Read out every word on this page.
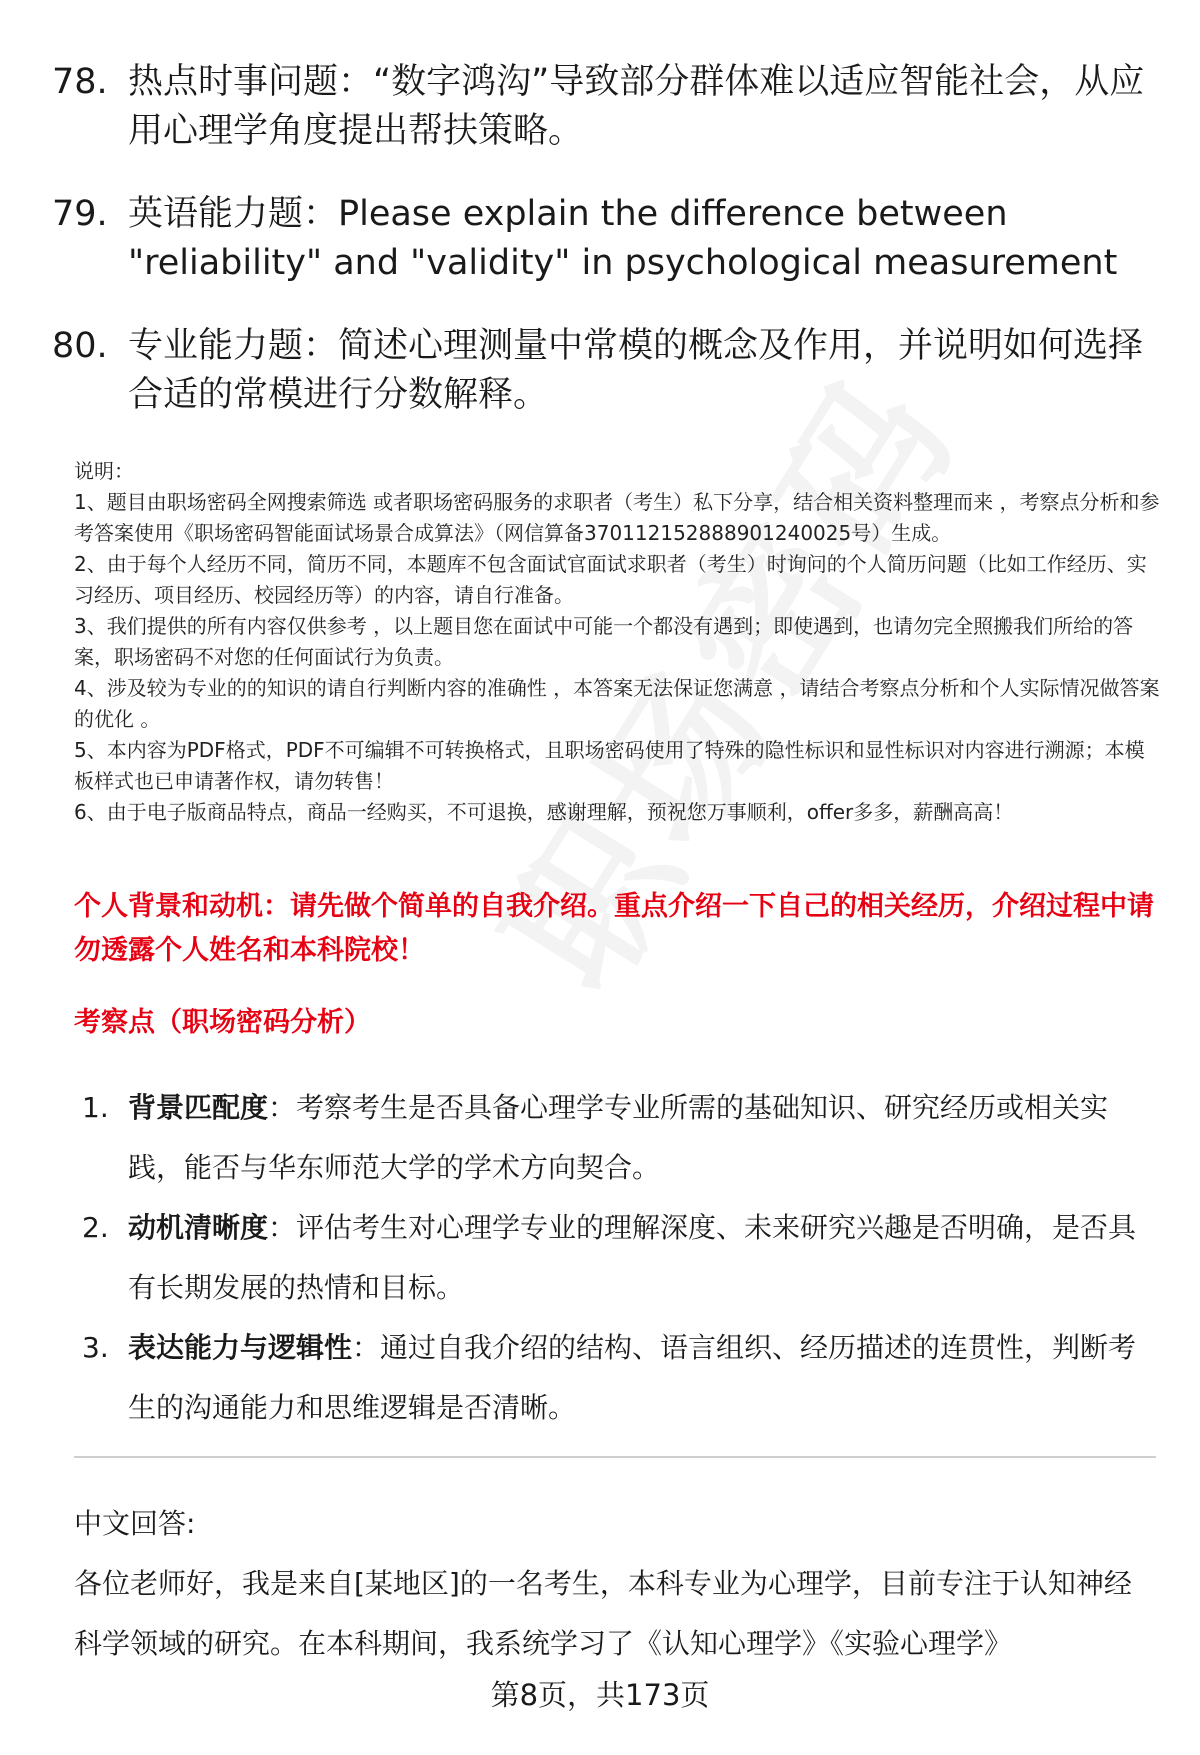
78. 热点时事问题：“数字鸿沟”导致部分群体难以适应智能社会，从应用心理学角度提出帮扶策略。
79. 英语能力题：Please explain the difference between "reliability" and "validity" in psychological measurement
80. 专业能力题：简述心理测量中常模的概念及作用，并说明如何选择合适的常模进行分数解释。

说明：

1、题目由职场密码全网搜索筛选 或者职场密码服务的求职者（考生）私下分享，结合相关资料整理而来 ，考察点分析和参考答案使用《职场密码智能面试场景合成算法》（网信算备370112152888901240025号）生成。

2、由于每个人经历不同，简历不同，本题库不包含面试官面试求职者（考生）时询问的个人简历问题（比如工作经历、实习经历、项目经历、校园经历等）的内容，请自行准备。

3、我们提供的所有内容仅供参考 ，以上题目您在面试中可能一个都没有遇到；即使遇到，也请勿完全照搬我们所给的答案，职场密码不对您的任何面试行为负责。

4、涉及较为专业的的知识的请自行判断内容的准确性 ，本答案无法保证您满意 ，请结合考察点分析和个人实际情况做答案的优化 。

5、本内容为PDF格式，PDF不可编辑不可转换格式，且职场密码使用了特殊的隐性标识和显性标识对内容进行溯源；本模板样式也已申请著作权，请勿转售！

6、由于电子版商品特点，商品一经购买，不可退换，感谢理解，预祝您万事顺利，offer多多，薪酬高高！

个人背景和动机：请先做个简单的自我介绍。重点介绍一下自己的相关经历，介绍过程中请勿透露个人姓名和本科院校！
考察点（职场密码分析）
1. 背景匹配度：考察考生是否具备心理学专业所需的基础知识、研究经历或相关实践，能否与华东师范大学的学术方向契合。
2. 动机清晰度：评估考生对心理学专业的理解深度、未来研究兴趣是否明确，是否具有长期发展的热情和目标。
3. 表达能力与逻辑性：通过自我介绍的结构、语言组织、经历描述的连贯性，判断考生的沟通能力和思维逻辑是否清晰。

中文回答:

各位老师好，我是来自[某地区]的一名考生，本科专业为心理学，目前专注于认知神经科学领域的研究。在本科期间，我系统学习了《认知心理学》《实验心理学》

第8页，共173页
